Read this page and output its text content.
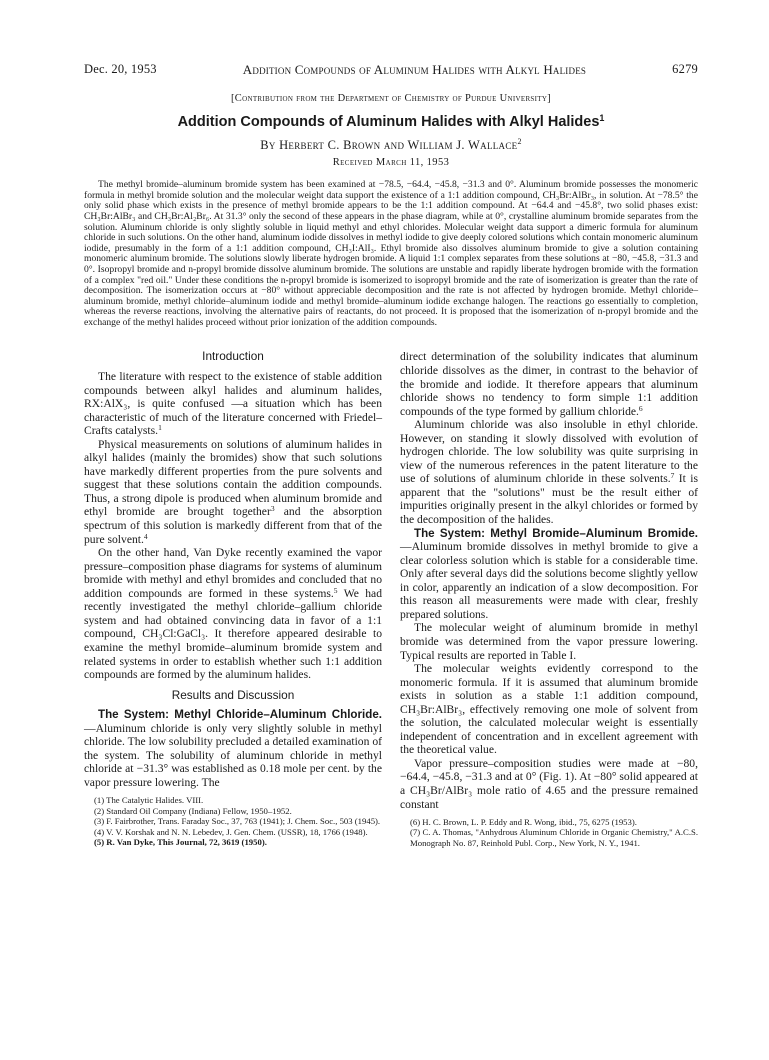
Dec. 20, 1953	Addition Compounds of Aluminum Halides with Alkyl Halides	6279
[Contribution from the Department of Chemistry of Purdue University]
Addition Compounds of Aluminum Halides with Alkyl Halides$^1$
By Herbert C. Brown and William J. Wallace$^2$
Received March 11, 1953
The methyl bromide–aluminum bromide system has been examined at −78.5, −64.4, −45.8, −31.3 and 0°. Aluminum bromide possesses the monomeric formula in methyl bromide solution and the molecular weight data support the existence of a 1:1 addition compound, CH₃Br:AlBr₃, in solution. At −78.5° the only solid phase which exists in the presence of methyl bromide appears to be the 1:1 addition compound. At −64.4 and −45.8°, two solid phases exist: CH₃Br:AlBr₃ and CH₃Br:Al₂Br₆. At 31.3° only the second of these appears in the phase diagram, while at 0°, crystalline aluminum bromide separates from the solution. Aluminum chloride is only slightly soluble in liquid methyl and ethyl chlorides. Molecular weight data support a dimeric formula for aluminum chloride in such solutions. On the other hand, aluminum iodide dissolves in methyl iodide to give deeply colored solutions which contain monomeric aluminum iodide, presumably in the form of a 1:1 addition compound, CH₃I:AlI₃. Ethyl bromide also dissolves aluminum bromide to give a solution containing monomeric aluminum bromide. The solutions slowly liberate hydrogen bromide. A liquid 1:1 complex separates from these solutions at −80, −45.8, −31.3 and 0°. Isopropyl bromide and n-propyl bromide dissolve aluminum bromide. The solutions are unstable and rapidly liberate hydrogen bromide with the formation of a complex "red oil." Under these conditions the n-propyl bromide is isomerized to isopropyl bromide and the rate of isomerization is greater than the rate of decomposition. The isomerization occurs at −80° without appreciable decomposition and the rate is not affected by hydrogen bromide. Methyl chloride–aluminum bromide, methyl chloride–aluminum iodide and methyl bromide–aluminum iodide exchange halogen. The reactions go essentially to completion, whereas the reverse reactions, involving the alternative pairs of reactants, do not proceed. It is proposed that the isomerization of n-propyl bromide and the exchange of the methyl halides proceed without prior ionization of the addition compounds.
Introduction

The literature with respect to the existence of stable addition compounds between alkyl halides and aluminum halides, RX:AlX₃, is quite confused —a situation which has been characteristic of much of the literature concerned with Friedel–Crafts catalysts.$^1$

Physical measurements on solutions of aluminum halides in alkyl halides (mainly the bromides) show that such solutions have markedly different properties from the pure solvents and suggest that these solutions contain the addition compounds. Thus, a strong dipole is produced when aluminum bromide and ethyl bromide are brought together$^3$ and the absorption spectrum of this solution is markedly different from that of the pure solvent.$^4$

On the other hand, Van Dyke recently examined the vapor pressure–composition phase diagrams for systems of aluminum bromide with methyl and ethyl bromides and concluded that no addition compounds are formed in these systems.$^5$ We had recently investigated the methyl chloride–gallium chloride system and had obtained convincing data in favor of a 1:1 compound, CH₃Cl:GaCl₃. It therefore appeared desirable to examine the methyl bromide–aluminum bromide system and related systems in order to establish whether such 1:1 addition compounds are formed by the aluminum halides.

Results and Discussion

The System: Methyl Chloride–Aluminum Chloride.—Aluminum chloride is only very slightly soluble in methyl chloride. The low solubility precluded a detailed examination of the system. The solubility of aluminum chloride in methyl chloride at −31.3° was established as 0.18 mole per cent. by the vapor pressure lowering. The

(1) The Catalytic Halides. VIII.
(2) Standard Oil Company (Indiana) Fellow, 1950–1952.
(3) F. Fairbrother, Trans. Faraday Soc., 37, 763 (1941); J. Chem. Soc., 503 (1945).
(4) V. V. Korshak and N. N. Lebedev, J. Gen. Chem. (USSR), 18, 1766 (1948).
(5) R. Van Dyke, This Journal, 72, 3619 (1950).

direct determination of the solubility indicates that aluminum chloride dissolves as the dimer, in contrast to the behavior of the bromide and iodide. It therefore appears that aluminum chloride shows no tendency to form simple 1:1 addition compounds of the type formed by gallium chloride.$^6$

Aluminum chloride was also insoluble in ethyl chloride. However, on standing it slowly dissolved with evolution of hydrogen chloride. The low solubility was quite surprising in view of the numerous references in the patent literature to the use of solutions of aluminum chloride in these solvents.$^7$ It is apparent that the "solutions" must be the result either of impurities originally present in the alkyl chlorides or formed by the decomposition of the halides.

The System: Methyl Bromide–Aluminum Bromide.—Aluminum bromide dissolves in methyl bromide to give a clear colorless solution which is stable for a considerable time. Only after several days did the solutions become slightly yellow in color, apparently an indication of a slow decomposition. For this reason all measurements were made with clear, freshly prepared solutions.

The molecular weight of aluminum bromide in methyl bromide was determined from the vapor pressure lowering. Typical results are reported in Table I.

The molecular weights evidently correspond to the monomeric formula. If it is assumed that aluminum bromide exists in solution as a stable 1:1 addition compound, CH₃Br:AlBr₃, effectively removing one mole of solvent from the solution, the calculated molecular weight is essentially independent of concentration and in excellent agreement with the theoretical value.

Vapor pressure–composition studies were made at −80, −64.4, −45.8, −31.3 and at 0° (Fig. 1). At −80° solid appeared at a CH₃Br/AlBr₃ mole ratio of 4.65 and the pressure remained constant

(6) H. C. Brown, L. P. Eddy and R. Wong, ibid., 75, 6275 (1953).
(7) C. A. Thomas, "Anhydrous Aluminum Chloride in Organic Chemistry," A.C.S. Monograph No. 87, Reinhold Publ. Corp., New York, N. Y., 1941.
